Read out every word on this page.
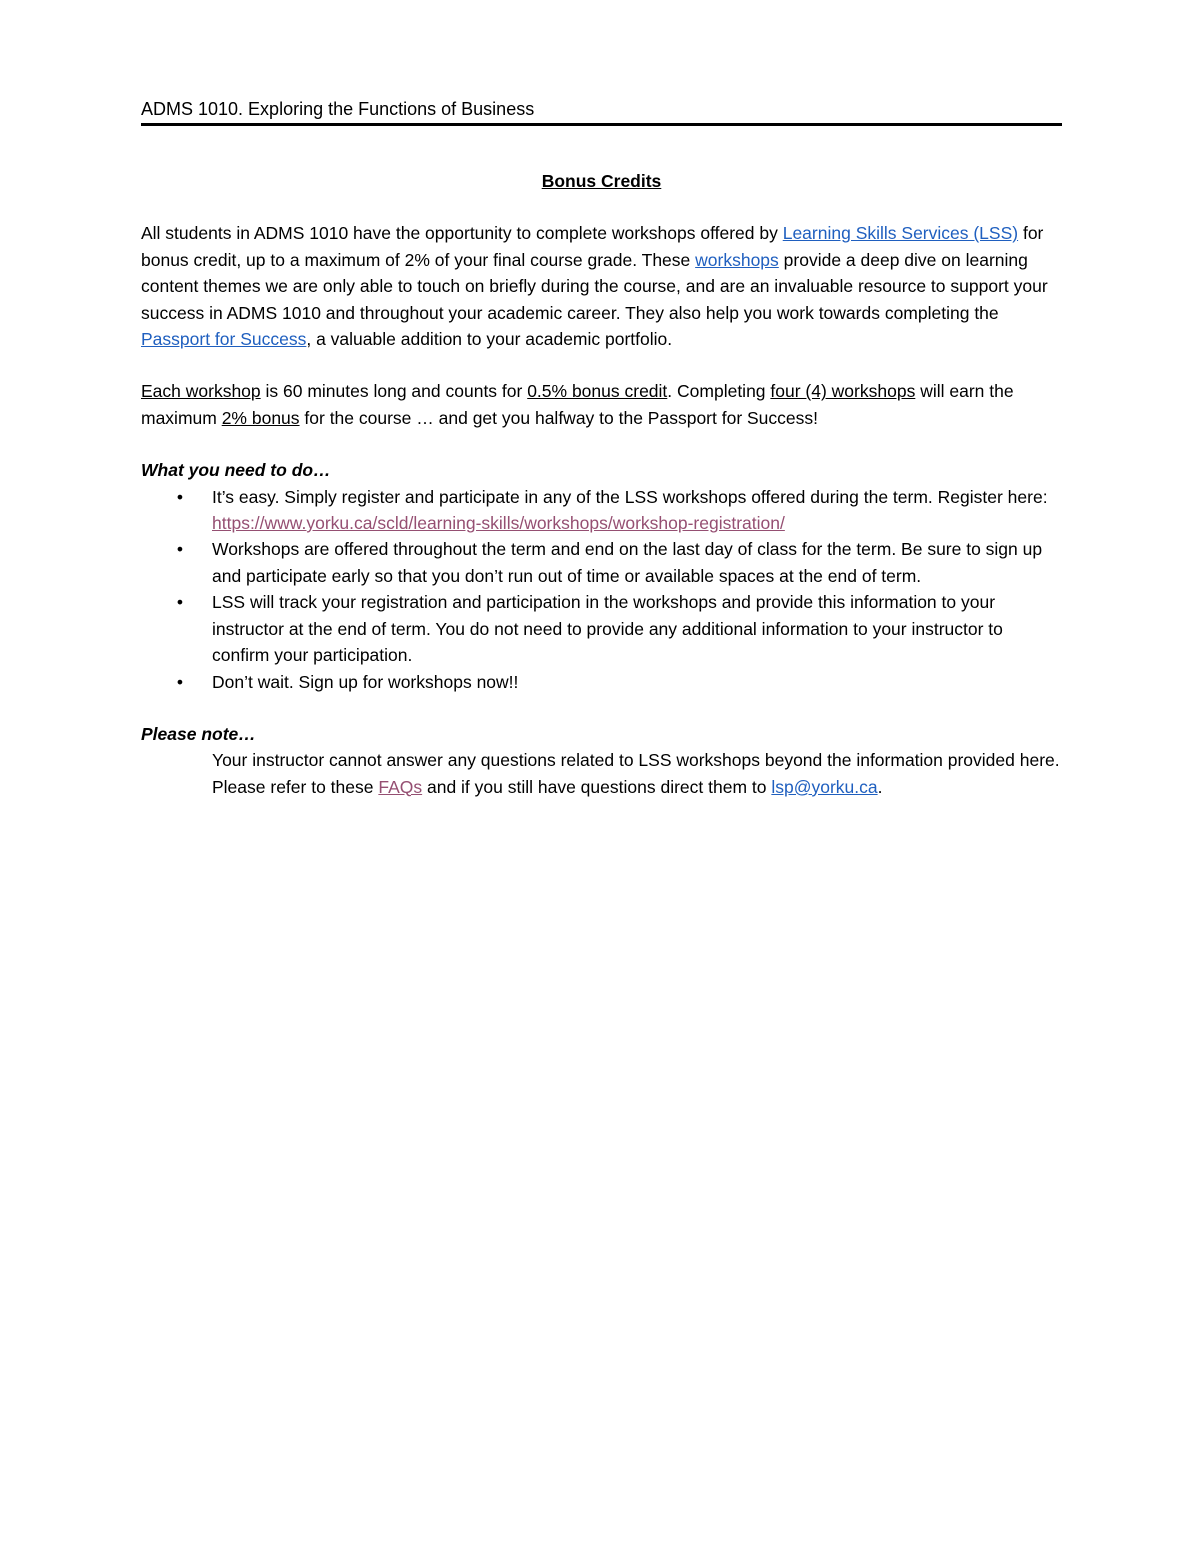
ADMS 1010. Exploring the Functions of Business
Bonus Credits

All students in ADMS 1010 have the opportunity to complete workshops offered by Learning Skills Services (LSS) for bonus credit, up to a maximum of 2% of your final course grade. These workshops provide a deep dive on learning content themes we are only able to touch on briefly during the course, and are an invaluable resource to support your success in ADMS 1010 and throughout your academic career. They also help you work towards completing the Passport for Success, a valuable addition to your academic portfolio.

Each workshop is 60 minutes long and counts for 0.5% bonus credit. Completing four (4) workshops will earn the maximum 2% bonus for the course … and get you halfway to the Passport for Success!

What you need to do…
• It’s easy. Simply register and participate in any of the LSS workshops offered during the term. Register here: https://www.yorku.ca/scld/learning-skills/workshops/workshop-registration/
• Workshops are offered throughout the term and end on the last day of class for the term. Be sure to sign up and participate early so that you don’t run out of time or available spaces at the end of term.
• LSS will track your registration and participation in the workshops and provide this information to your instructor at the end of term. You do not need to provide any additional information to your instructor to confirm your participation.
• Don’t wait. Sign up for workshops now!!
Please note…

Your instructor cannot answer any questions related to LSS workshops beyond the information provided here. Please refer to these FAQs and if you still have questions direct them to lsp@yorku.ca.
